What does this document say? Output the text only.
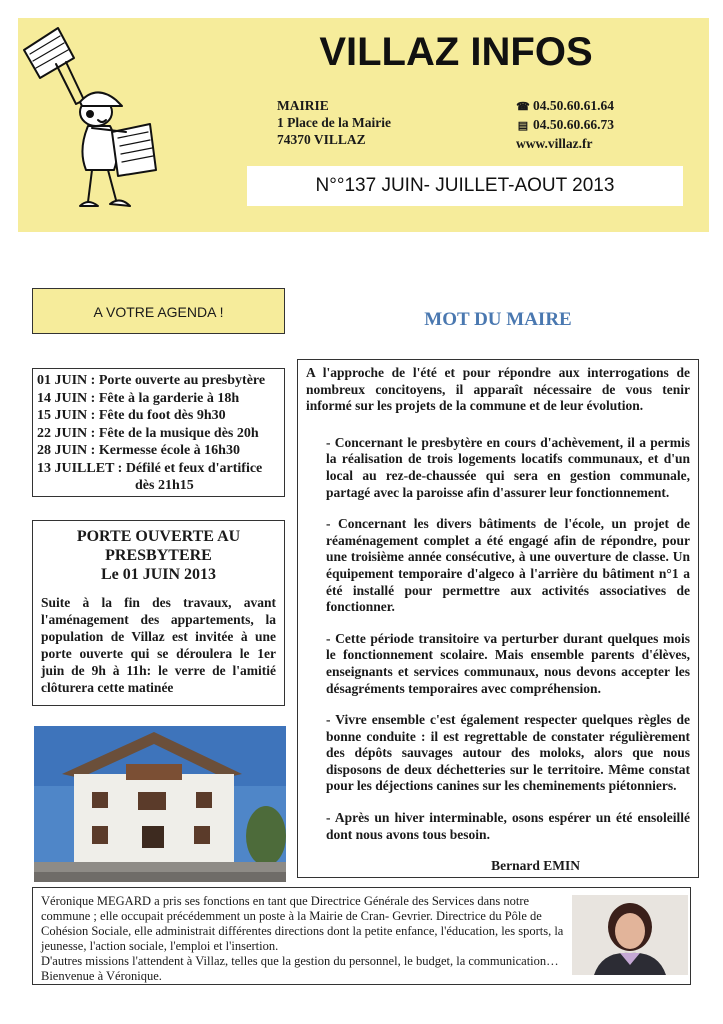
VILLAZ INFOS
MAIRIE
1 Place de la Mairie
74370 VILLAZ
☎ 04.50.60.61.64
▤ 04.50.60.66.73
www.villaz.fr
N°°137 JUIN- JUILLET-AOUT 2013
A VOTRE AGENDA !
01 JUIN : Porte ouverte au presbytère
14 JUIN : Fête à la garderie à 18h
15 JUIN : Fête du foot dès 9h30
22 JUIN : Fête de la musique dès 20h
28 JUIN : Kermesse école à 16h30
13 JUILLET : Défilé et feux d'artifice
dès 21h15
PORTE OUVERTE AU
PRESBYTERE
Le 01 JUIN 2013
Suite à la fin des travaux, avant l'aménagement des appartements, la population de Villaz est invitée à une porte ouverte qui se déroulera le 1er juin de 9h à 11h: le verre de l'amitié clôturera cette matinée
MOT DU MAIRE

A l'approche de l'été et pour répondre aux interrogations de nombreux concitoyens, il apparaît nécessaire de vous tenir informé sur les projets de la commune et de leur évolution.

- Concernant le presbytère en cours d'achèvement, il a permis la réalisation de trois logements locatifs communaux, et d'un local au rez-de-chaussée qui sera en gestion communale, partagé avec la paroisse afin d'assurer leur fonctionnement.

- Concernant les divers bâtiments de l'école, un projet de réaménagement complet a été engagé afin de répondre, pour une troisième année consécutive, à une ouverture de classe. Un équipement temporaire d'algeco à l'arrière du bâtiment n°1 a été installé pour permettre aux activités associatives de fonctionner.

- Cette période transitoire va perturber durant quelques mois le fonctionnement scolaire. Mais ensemble parents d'élèves, enseignants et services communaux, nous devons accepter les désagréments temporaires avec compréhension.

- Vivre ensemble c'est également respecter quelques règles de bonne conduite : il est regrettable de constater régulièrement des dépôts sauvages autour des moloks, alors que nous disposons de deux déchetteries sur le territoire. Même constat pour les déjections canines sur les cheminements piétonniers.

- Après un hiver interminable, osons espérer un été ensoleillé dont nous avons tous besoin.

Bernard EMIN

Véronique MEGARD a pris ses fonctions en tant que Directrice Générale des Services dans notre
commune ; elle occupait précédemment un poste à la Mairie de Cran- Gevrier. Directrice du Pôle de
Cohésion Sociale, elle administrait différentes directions dont la petite enfance, l'éducation, les sports, la
jeunesse, l'action sociale, l'emploi et l'insertion.
D'autres missions l'attendent à Villaz, telles que la gestion du personnel, le budget, la communication…
Bienvenue à Véronique.
